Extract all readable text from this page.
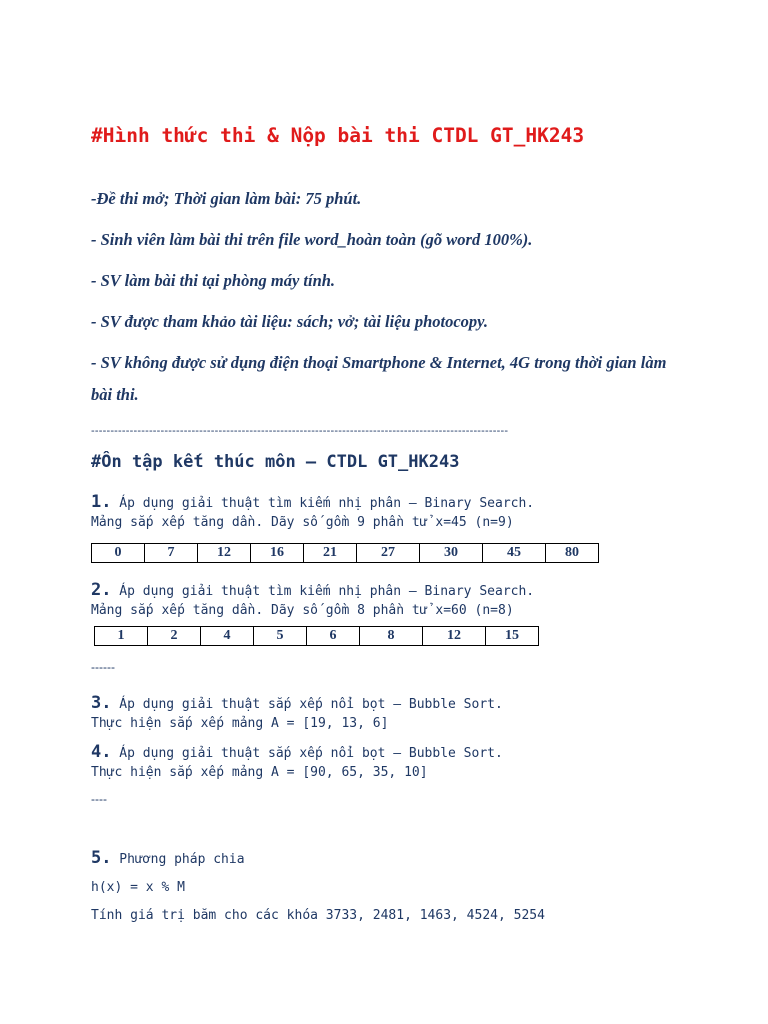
#Hình thức thi & Nộp bài thi CTDL GT_HK243

-Đề thi mở; Thời gian làm bài: 75 phút.

- Sinh viên làm bài thi trên file word_hoàn toàn (gõ word 100%).

- SV làm bài thi tại phòng máy tính.

- SV được tham khảo tài liệu: sách; vở; tài liệu photocopy.

- SV không được sử dụng điện thoại Smartphone & Internet, 4G trong thời gian làm bài thi.

------------------------------------------------------------------------------------------------------------
#Ôn tập kết thúc môn – CTDL GT_HK243
1. Áp dụng giải thuật tìm kiếm nhị phân – Binary Search.
Mảng sắp xếp tăng dần. Dãy số gồm 9 phần tử x=45 (n=9)
0	7	12	16	21	27	30	45	80
2. Áp dụng giải thuật tìm kiếm nhị phân – Binary Search.
Mảng sắp xếp tăng dần. Dãy số gồm 8 phần tử x=60 (n=8)
1	2	4	5	6	8	12	15
------
3. Áp dụng giải thuật sắp xếp nổi bọt – Bubble Sort.
Thực hiện sắp xếp mảng A = [19, 13, 6]
4. Áp dụng giải thuật sắp xếp nổi bọt – Bubble Sort.
Thực hiện sắp xếp mảng A = [90, 65, 35, 10]
----
5. Phương pháp chia
h(x) = x % M
Tính giá trị băm cho các khóa 3733, 2481, 1463, 4524, 5254
